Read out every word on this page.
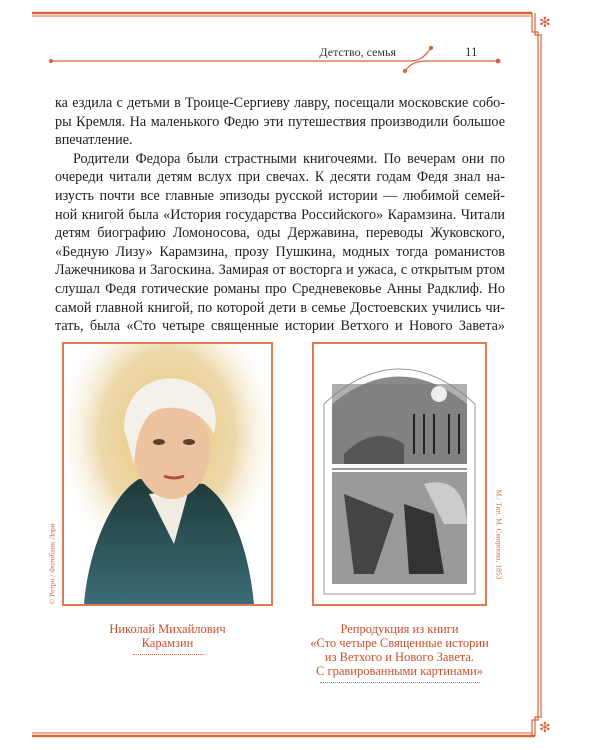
✻
✻
Детство, семья	11
ка ездила с детьми в Троице-Сергиеву лавру, посещали московские собо-
ры Кремля. На маленького Федю эти путешествия производили большое
впечатление.
Родители Федора были страстными книгочеями. По вечерам они по
очереди читали детям вслух при свечах. К десяти годам Федя знал на-
изусть почти все главные эпизоды русской истории — любимой семей-
ной книгой была «История государства Российского» Карамзина. Читали
детям биографию Ломоносова, оды Державина, переводы Жуковского,
«Бедную Лизу» Карамзина, прозу Пушкина, модных тогда романистов
Лажечникова и Загоскина. Замирая от восторга и ужаса, с открытым ртом
слушал Федя готические романы про Средневековье Анны Радклиф. Но
самой главной книгой, по которой дети в семье Достоевских учились чи-
тать, была «Сто четыре священные истории Ветхого и Нового Завета»
© Ретро / Фотобанк Лори
Николай Михайлович
Карамзин
М.: Тип. М. Смирнова, 1853
Репродукция из книги
«Сто четыре Священные истории
из Ветхого и Нового Завета.
С гравированными картинами»
